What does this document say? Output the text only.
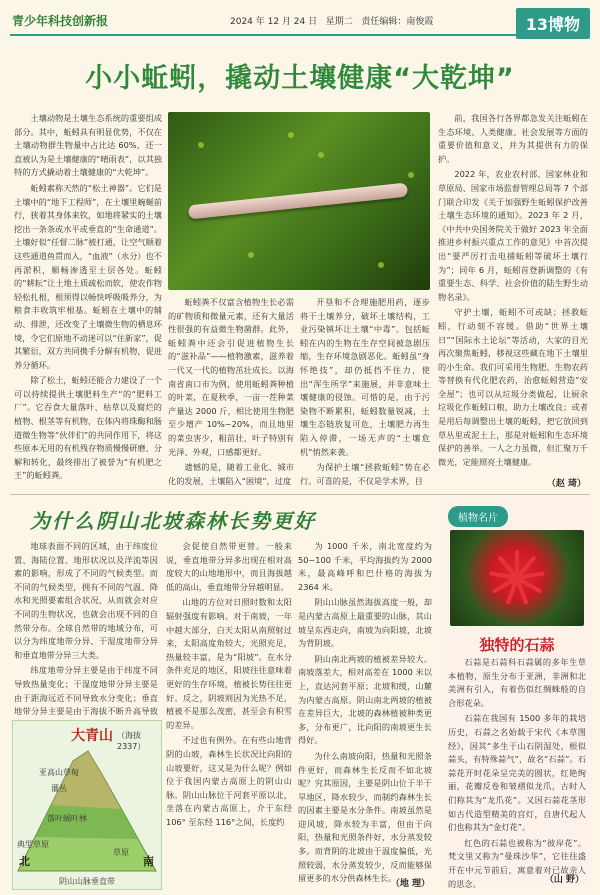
青少年科技创新报	2024 年 12 月 24 日 星期二 责任编辑：南俊霞	13博物
小小蚯蚓，撬动土壤健康“大乾坤”

土壤动物是土壤生态系统的重要组成部分。其中，蚯蚓具有明显优势，不仅在土壤动物群生物量中占比达 60%，还一直被认为是土壤健康的“晴雨表”，以其独特的方式撬动着土壤健康的“大乾坤”。

蚯蚓素称天然的“松土神器”。它们是土壤中的“地下工程师”，在土壤里蜿蜒前行，狭着其身体来钦，如地将紧实的土壤挖出一条条或水平或垂直的“生命通道”。土壤好似“任督二脉”被打通，让空气顺着这些通道鱼贯而入，“血液”（水分）也不再淤积，顺畅渗透至土层各处。蚯蚓的“耕耘”让土地土质疏松而软，使农作物轻松扎根，根须得以畅快呼吸吸养分，为粮食丰收筑牢根基。蚯蚓在土壤中的辅动、排泄，还改变了土壤微生物的栖息环境，令它们原地不动迷可以“住新家”，促其繁衍，双方共同携手分解有机物，促进养分循环。

除了松土，蚯蚓还能合力建设了一个可以持续提供土壤肥料生产“的“肥料工厂”。它吞食大量落叶、枯草以及腐烂的植物、根茎等有机物，在体内将珠酶和肠道微生物等“伙伴们”的共同作用下，将这些原本无用的有机残存物质慢慢研磨、分解和转化，最终排出了被誉为“有机肥之王”的蚯蚓粪。

蚯蚓粪不仅富含植物生长必需的矿物质和微量元素，还有大量活性很强的有益微生物菌群。此外，蚯蚓粪中还会引促进植物生长的“滋补品”——植物激素，滋养着一代又一代的植物茁壮成长。以海南省南口市为例，使用蚯蚓粪种植的叶菜，在夏秋季，一亩一茬种菜产量达 2000 斤，相比使用生物肥至少增产 10%~20%，而且地里的菜虫害少，粗苗壮，叶子特别有光泽、外观，口感都更好。

遗憾的是，随着工业化、城市化的发展，土壤陷入“困境”，过度

开垦和不合理施肥用药，逐步将干土壤养分，破坏土壤结构，工业污染镇坏让土壤“中毒”。包括蚯蚓在内的生物在生存空间被急剧压缩，生存环境急剧恶化。蚯蚓虽“身怀绝技”，却仍抵挡不住力，使出“浑生所学”来施展，并非意味土壤健康的侵蚀。可惜的是，由于污染物不断累积，蚯蚓数量锐减，土壤生态链放复可危，土壤肥力再生陷入停滞，一场无声的“土壤危机”悄然来袭。

为保护土壤“拯救蚯蚓”势在必行。可喜的是，不仅是学术界，目

前，我国各行各界都急发关注蚯蚓在生态环境、人类健康、社会发展等方面的重要价值和意义，并为其提供有力的保护。

2022 年，农业农村部、国家林业和草原局、国家市场监督管理总局等 7 个部门联合印发《关于加强野生蚯蚓保护改善土壤生态环境的通知》。2023 年 2 月，《中共中央国务院关于做好 2023 年全面推进乡村振兴重点工作的意见》中首次提出“要严厉打击电捕蚯蚓等破坏土壤行为”；同年 6 月，蚯蚓首登新调整的《有重要生态、科学、社会价值的陆生野生动物名录》。

守护土壤，蚯蚓不可或缺；拯救蚯蚓，行动刻不容缓。借助“世界土壤日”“国际永土论坛”等活动，大家的目光再次聚焦蚯蚓，移视这些藏在地下土壤里的小生命。我们可采用生物肥、生物农药等替换有代化肥农药，治愈蚯蚓营造“安全屋”；也可以从垃圾分类做起，让厨余垃圾化作蚯蚓口粮，助力土壤改良；或者是用后每调整出土壤的蚯蚓，把它放回到草丛里或泥土上，那是对蚯蚓和生态环境保护的善举。一人之力虽微，但汇聚万千微光，定能照亮土壤健康。

（赵 琦）
为什么阴山北坡森林长势更好

地球表面不同的区域，由于纬度位置、海陆位置、地形状况以及洋流等因素的影响，形成了不同的气候类型。而不同的气候类型，拥有不同的气温、降水和光照要素组合状况，从而就会对应不同的生物状况，也就会出现不同的自然带分布。全球自然带的地域分布，可以分为纬度地带分异、干湿度地带分异和垂直地带分异三大类。

纬度地带分异主要是由于纬度不同导致热量变化；干湿度地带分异主要是由于距海远近不同导致水分变化；垂直地带分异主要是由于海拔不断升高导致

大青山 （海拔2337）
亚高山草甸
灌丛
落叶阔叶林
典型草原
草原
北	南
阴山山脉垂直带

会促使自然带更替。一般来说，垂直地带分异多出现在相对高度较大的山地地形中，而且海拔越低的高山，垂直地带分异越明显。

山地的方位对日照时数和太阳辐射强度有影响。对于南坡，一年中越大部分，白天太阳从南照射过来，太阳高度角较大，光照充足，热量较丰富，是为“阳坡”。在水分条件充足的地区，阳坡往往意味着更好的生存环境，植被长势往往更好。反之，阴坡则因为光热不足，植被不是那么茂密，甚至会有积雪的差异。

不过也有例外。在有些山地背阴的山坡，森林生长状况比向阳的山坡要好，这又是为什么呢？例如位于我国内蒙古高原上的阴山山脉。阴山山脉位于河套平原以北，坐落在内蒙古高原上，介于东经 106° 至东经 116°之间，长度约

为 1000 千米，南北宽度约为 50~100 千米，平均海拔约为 2000米，最高峰呼和巴什格的海拔为 2364 米。

阴山山脉虽然海拔高度一般，却是内蒙古高原上最重要的山脉，其山坡呈东西走向，南坡为向阳坡，北坡为背阴坡。

阴山南北两坡的植被差异较大。南坡落差大，相对高差在 1000 米以上，直达河套平原；北坡和缓，山麓为内蒙古高原。阴山南北两坡的植被在差异巨大，北坡的森林植被种类更多，分布更广，比向阳的南坡更生长得好。

为什么南坡向阳，热量和光照条件更好，而森林生长反而不如北坡呢？究其原因，主要是阴山位于半干旱地区，降水较少，而制约森林生长的因素主要是水分条件。南坡虽然是迎风坡，降水较为丰富，但由于向阳，热量和光照条件好，水分蒸发较多。而背阴的北坡由于温度偏低，光照较弱，水分蒸发较少，反而能够保留更多的水分供森林生长。

（地 理）
植物名片
独特的石蒜

石蒜是石蒜科石蒜属的多年生草本植物，原生分布于亚洲，非洲和北美洲有引入，有着伤似红绸蛛般的自合形花朵。

石蒜在我国有 1500 多年的栽培历史，石蒜之名始载于宋代《本草图经》，因其“多生于山石阴湿处，根似蒜头，有特殊蒜气”，故名“石蒜”。石蒜花开时花朵呈完美的圆状，红艳绚丽，花瓣反卷和皱褶似龙爪，古时人们称其为“龙爪花”。又因石蒜花茎形如古代造型精美的宫灯，自唐代起人们也称其为“金灯花”。

红色的石蒜也被称为“彼岸花”。梵文里又称为“曼珠沙华”，它往往盛开在中元节前后，寓意着对已故亲人的思念。	（山 野）
